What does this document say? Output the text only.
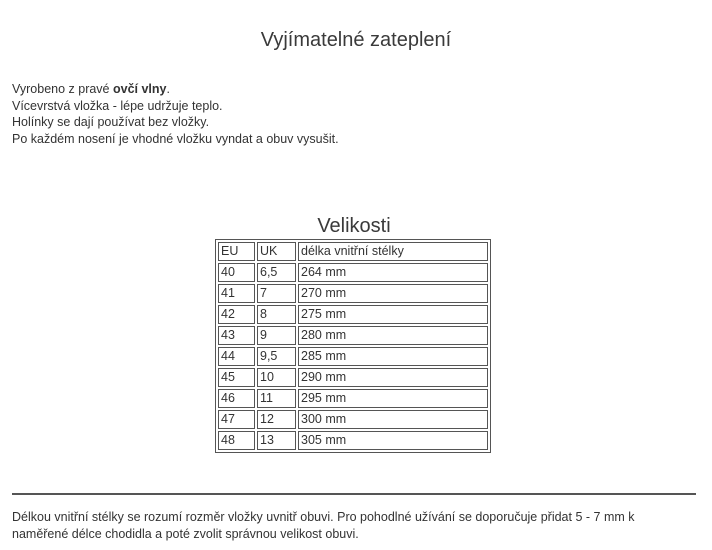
Vyjímatelné zateplení

Vyrobeno z pravé ovčí vlny.

Vícevrstvá vložka - lépe udržuje teplo.

Holínky se dají používat bez vložky.

Po každém nosení je vhodné vložku vyndat a obuv vysušit.

Velikosti
EU	UK	délka vnitřní stélky
40	6,5	264 mm
41	7	270 mm
42	8	275 mm
43	9	280 mm
44	9,5	285 mm
45	10	290 mm
46	11	295 mm
47	12	300 mm
48	13	305 mm
Délkou vnitřní stélky se rozumí rozměr vložky uvnitř obuvi. Pro pohodlné užívání se doporučuje přidat 5 - 7 mm k naměřené délce chodidla a poté zvolit správnou velikost obuvi.
